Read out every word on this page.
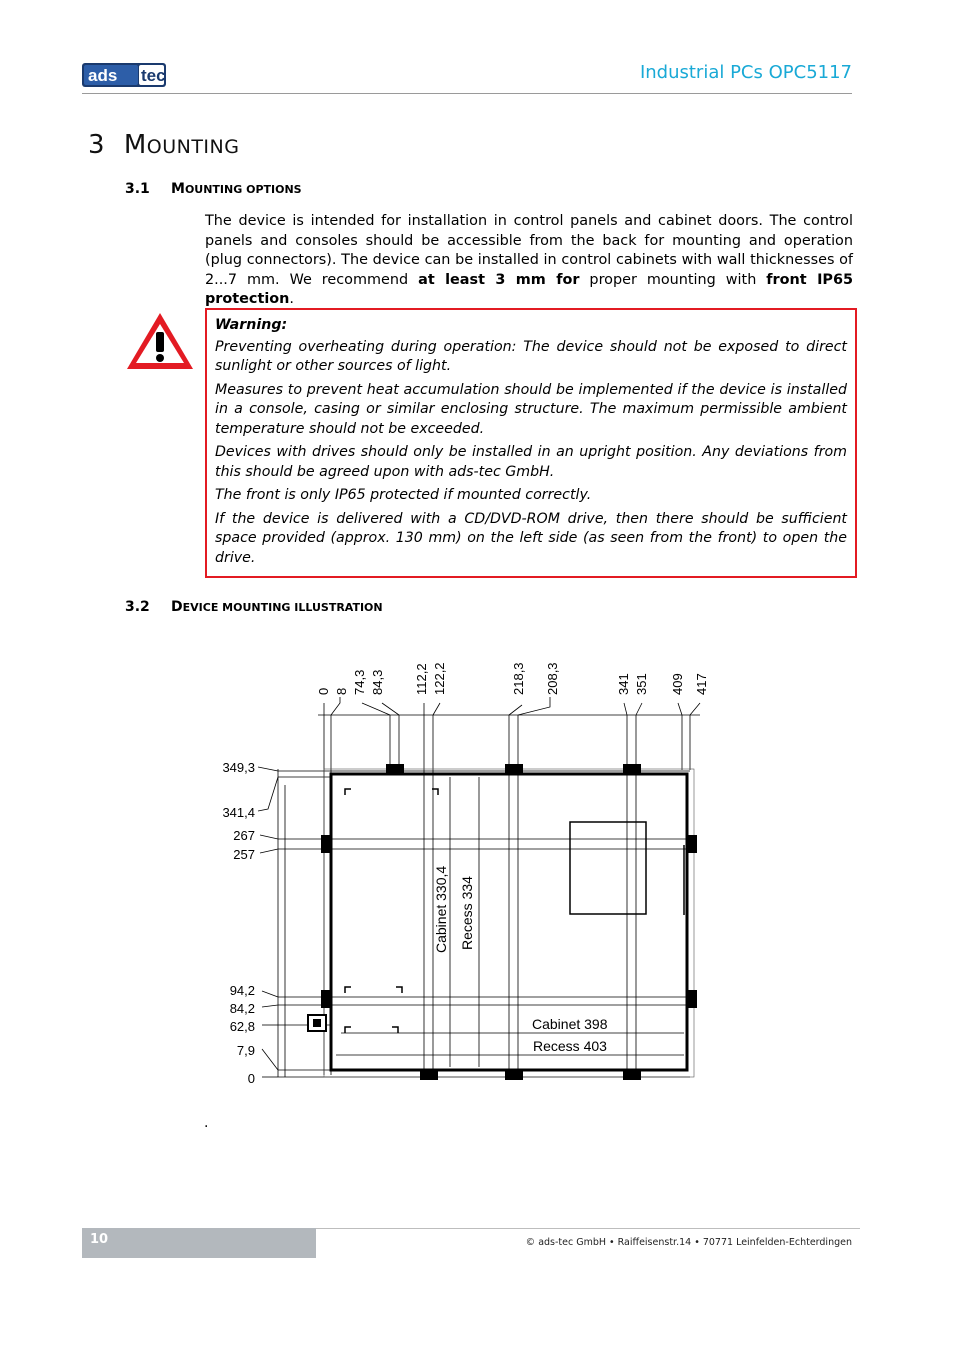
ads tec	Industrial PCs OPC5117
3 MOUNTING
3.1 MOUNTING OPTIONS
The device is intended for installation in control panels and cabinet doors. The control panels and consoles should be accessible from the back for mounting and operation (plug connectors). The device can be installed in control cabinets with wall thicknesses of 2...7 mm. We recommend at least 3 mm for proper mounting with front IP65 protection.

Warning:

Preventing overheating during operation: The device should not be exposed to direct sunlight or other sources of light.

Measures to prevent heat accumulation should be implemented if the device is installed in a console, casing or similar enclosing structure. The maximum permissible ambient temperature should not be exceeded.

Devices with drives should only be installed in an upright position. Any deviations from this should be agreed upon with ads-tec GmbH.

The front is only IP65 protected if mounted correctly.

If the device is delivered with a CD/DVD-ROM drive, then there should be sufficient space provided (approx. 130 mm) on the left side (as seen from the front) to open the drive.

3.2 DEVICE MOUNTING ILLUSTRATION
0 8 74,3 84,3 112,2 122,2	218,3 208,3	341 351 409 417
349,3
341,4
267
257
94,2
84,2
62,8
7,9
0
Cabinet 330,4 Recess 334
Cabinet 398
Recess 403
.
10	© ads-tec GmbH • Raiffeisenstr.14 • 70771 Leinfelden-Echterdingen
